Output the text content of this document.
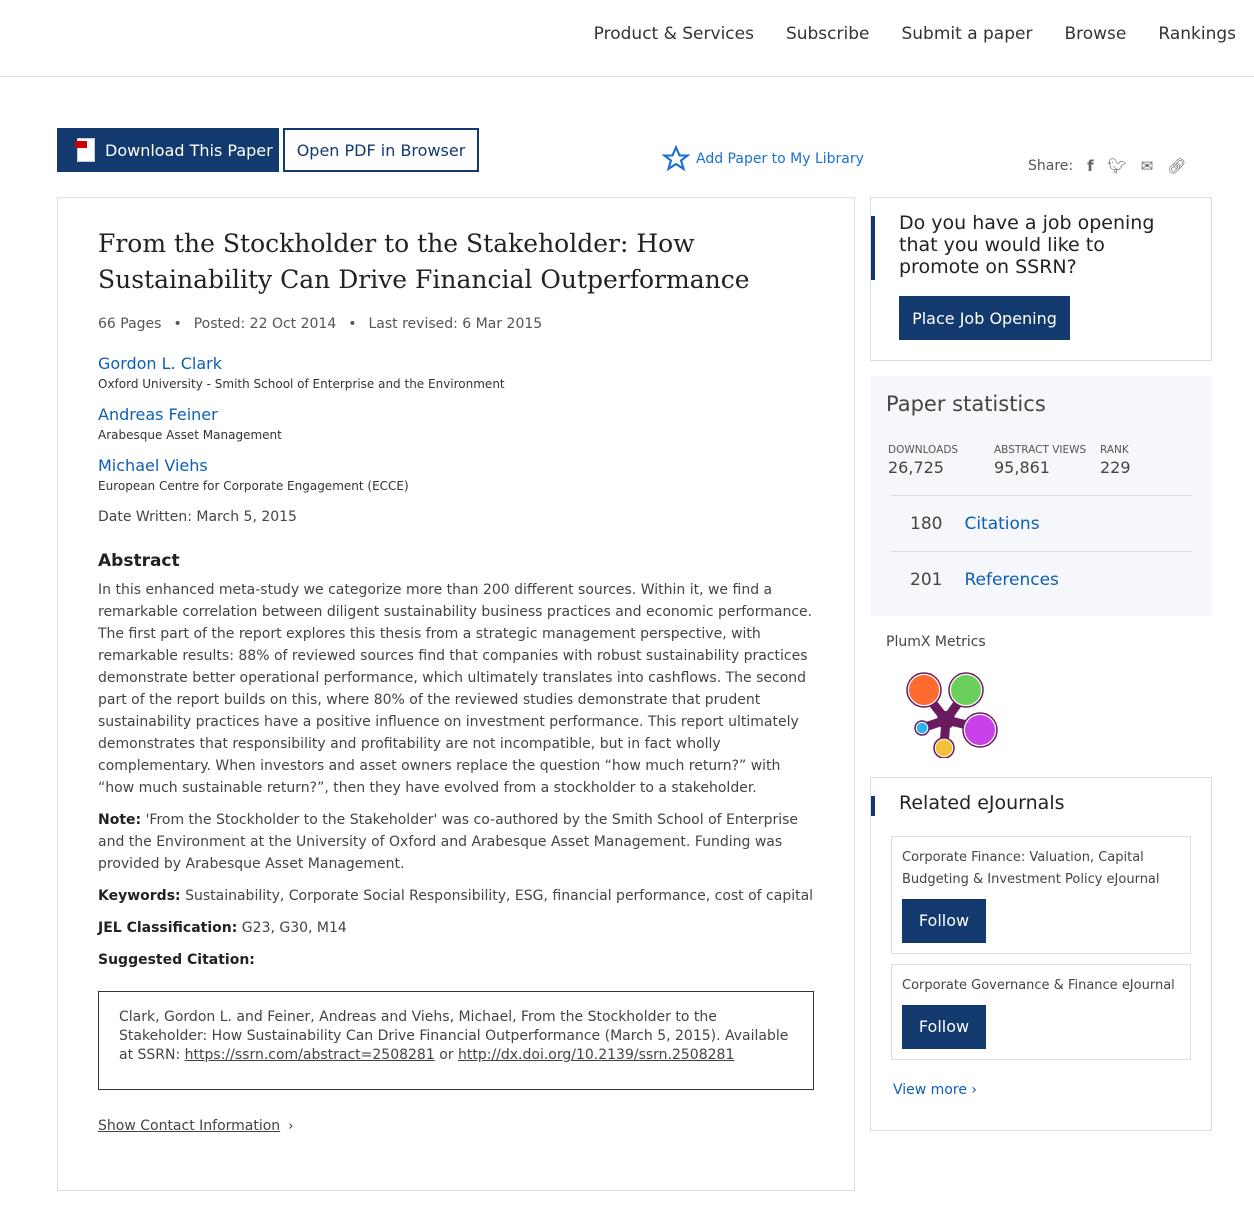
Product & Services Subscribe Submit a paper Browse Rankings
Download This Paper	Open PDF in Browser	Add Paper to My Library	Share: f 🐦︎ ✉ 🔗︎
From the Stockholder to the Stakeholder: How Sustainability Can Drive Financial Outperformance
66 Pages • Posted: 22 Oct 2014 • Last revised: 6 Mar 2015
Gordon L. Clark
Oxford University - Smith School of Enterprise and the Environment
Andreas Feiner
Arabesque Asset Management
Michael Viehs
European Centre for Corporate Engagement (ECCE)
Date Written: March 5, 2015
Abstract

In this enhanced meta-study we categorize more than 200 different sources. Within it, we find a remarkable correlation between diligent sustainability business practices and economic performance. The first part of the report explores this thesis from a strategic management perspective, with remarkable results: 88% of reviewed sources find that companies with robust sustainability practices demonstrate better operational performance, which ultimately translates into cashflows. The second part of the report builds on this, where 80% of the reviewed studies demonstrate that prudent sustainability practices have a positive influence on investment performance. This report ultimately demonstrates that responsibility and profitability are not incompatible, but in fact wholly complementary. When investors and asset owners replace the question “how much return?” with “how much sustainable return?”, then they have evolved from a stockholder to a stakeholder.

Note: 'From the Stockholder to the Stakeholder' was co-authored by the Smith School of Enterprise and the Environment at the University of Oxford and Arabesque Asset Management. Funding was provided by Arabesque Asset Management.

Keywords: Sustainability, Corporate Social Responsibility, ESG, financial performance, cost of capital

JEL Classification: G23, G30, M14

Suggested Citation:

Clark, Gordon L. and Feiner, Andreas and Viehs, Michael, From the Stockholder to the Stakeholder: How Sustainability Can Drive Financial Outperformance (March 5, 2015). Available at SSRN: https://ssrn.com/abstract=2508281 or http://dx.doi.org/10.2139/ssrn.2508281
Show Contact Information ›
Do you have a job opening that you would like to promote on SSRN?
Place Job Opening
Paper statistics
DOWNLOADS
26,725
ABSTRACT VIEWS
95,861
RANK
229
180 Citations
201 References
PlumX Metrics
Related eJournals
Corporate Finance: Valuation, Capital Budgeting & Investment Policy eJournal
Follow
Corporate Governance & Finance eJournal
Follow
View more ›
